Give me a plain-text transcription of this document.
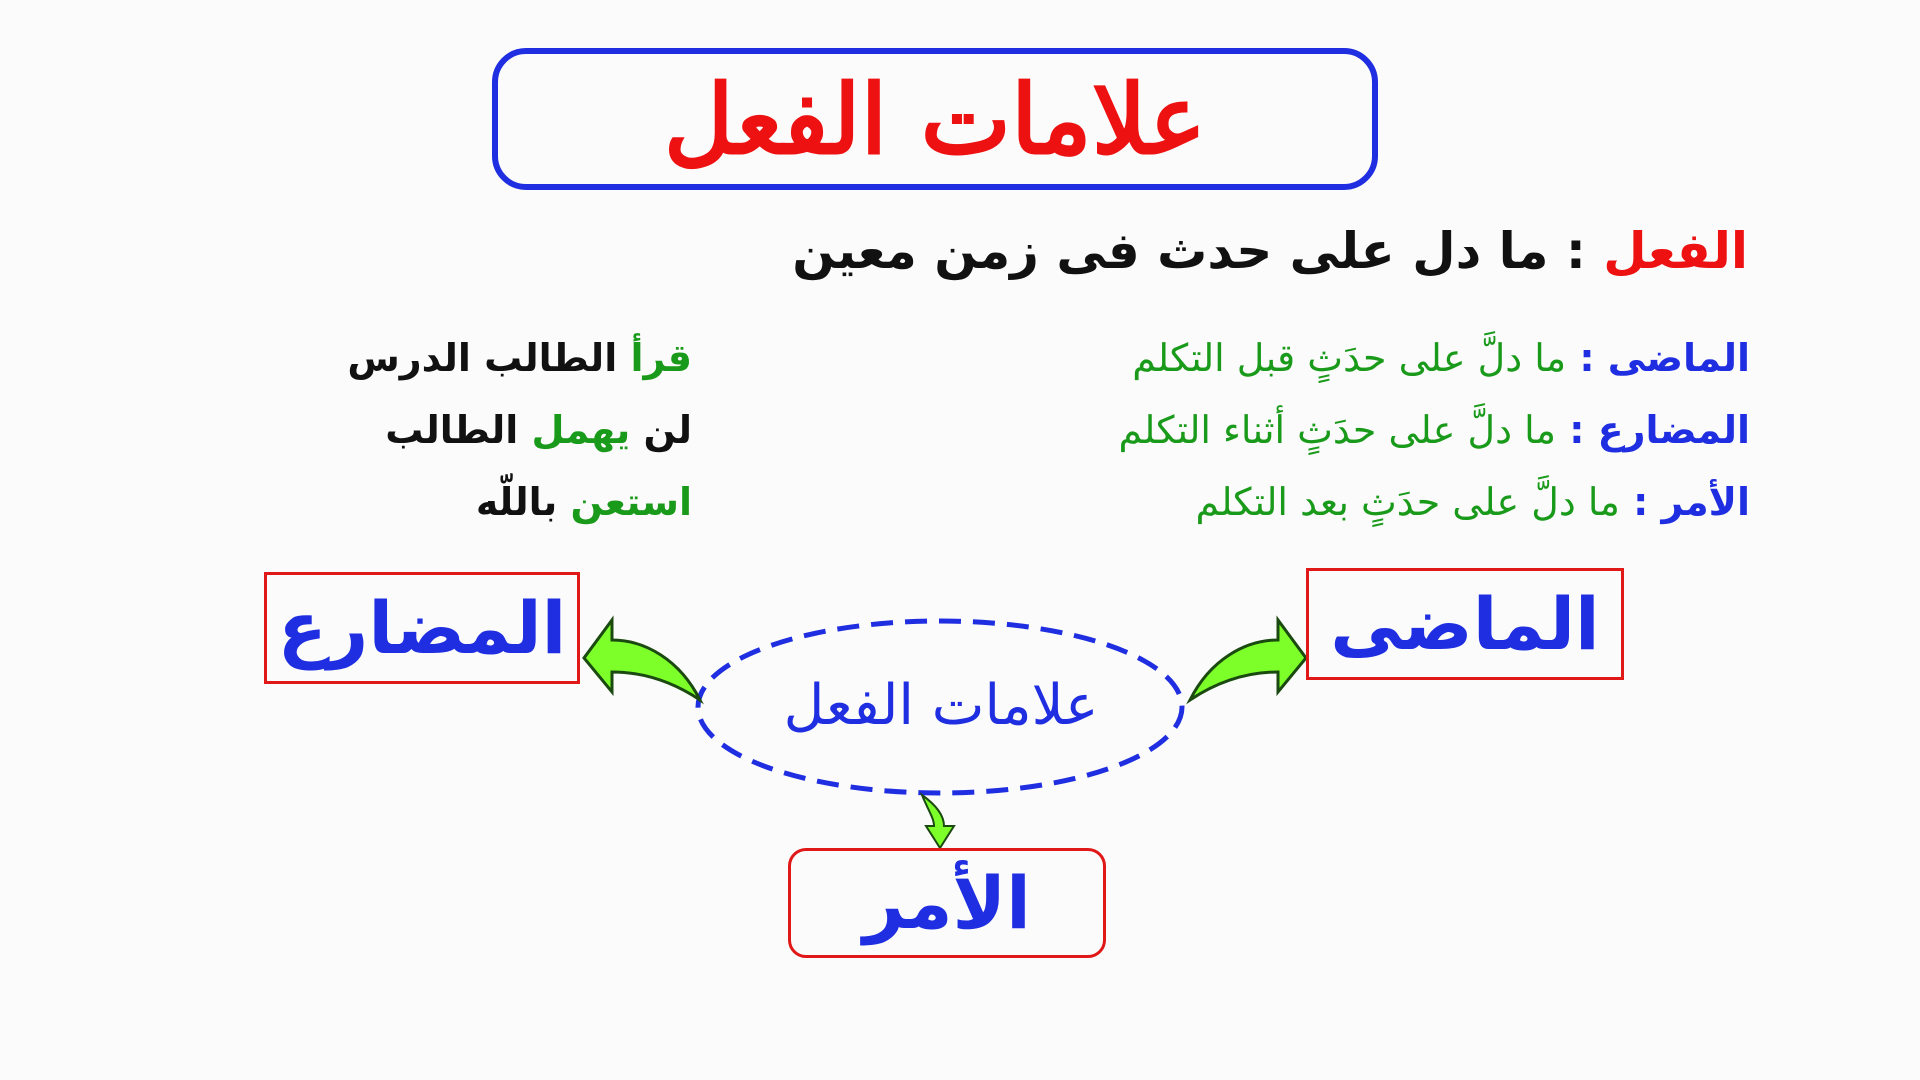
علامات الفعل
الفعل : ما دل على حدث فى زمن معين
الماضى : ما دلَّ على حدَثٍ قبل التكلم
المضارع : ما دلَّ على حدَثٍ أثناء التكلم
الأمر : ما دلَّ على حدَثٍ بعد التكلم
قرأ الطالب الدرس
لن يهمل الطالب
استعن باللّه
علامات الفعل
الماضى
المضارع
الأمر
